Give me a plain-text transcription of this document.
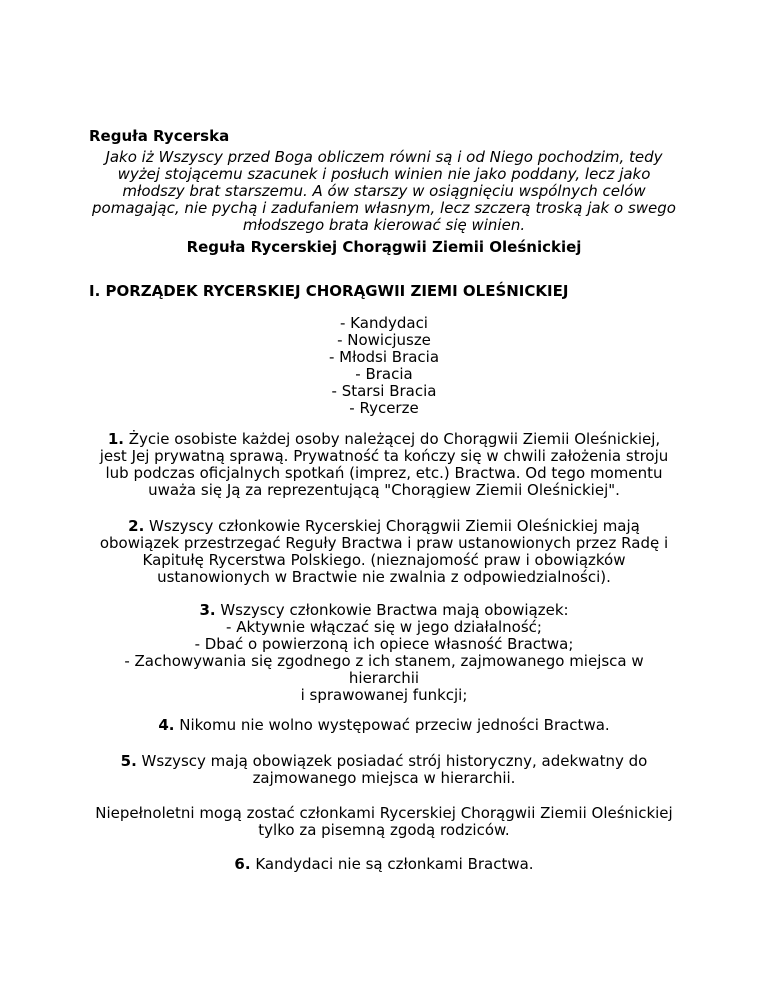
Reguła Rycerska
Jako iż Wszyscy przed Boga obliczem równi są i od Niego pochodzim, tedy
wyżej stojącemu szacunek i posłuch winien nie jako poddany, lecz jako
młodszy brat starszemu. A ów starszy w osiągnięciu wspólnych celów
pomagając, nie pychą i zadufaniem własnym, lecz szczerą troską jak o swego
młodszego brata kierować się winien.
Reguła Rycerskiej Chorągwii Ziemii Oleśnickiej
I. PORZĄDEK RYCERSKIEJ CHORĄGWII ZIEMI OLEŚNICKIEJ
- Kandydaci
- Nowicjusze
- Młodsi Bracia
- Bracia
- Starsi Bracia
- Rycerze
1. Życie osobiste każdej osoby należącej do Chorągwii Ziemii Oleśnickiej,
jest Jej prywatną sprawą. Prywatność ta kończy się w chwili założenia stroju
lub podczas oficjalnych spotkań (imprez, etc.) Bractwa. Od tego momentu
uważa się Ją za reprezentującą "Chorągiew Ziemii Oleśnickiej".
2. Wszyscy członkowie Rycerskiej Chorągwii Ziemii Oleśnickiej mają
obowiązek przestrzegać Reguły Bractwa i praw ustanowionych przez Radę i
Kapitułę Rycerstwa Polskiego. (nieznajomość praw i obowiązków
ustanowionych w Bractwie nie zwalnia z odpowiedzialności).
3. Wszyscy członkowie Bractwa mają obowiązek:
- Aktywnie włączać się w jego działalność;
- Dbać o powierzoną ich opiece własność Bractwa;
- Zachowywania się zgodnego z ich stanem, zajmowanego miejsca w
hierarchii
i sprawowanej funkcji;
4. Nikomu nie wolno występować przeciw jedności Bractwa.
5. Wszyscy mają obowiązek posiadać strój historyczny, adekwatny do
zajmowanego miejsca w hierarchii.
Niepełnoletni mogą zostać członkami Rycerskiej Chorągwii Ziemii Oleśnickiej
tylko za pisemną zgodą rodziców.
6. Kandydaci nie są członkami Bractwa.
